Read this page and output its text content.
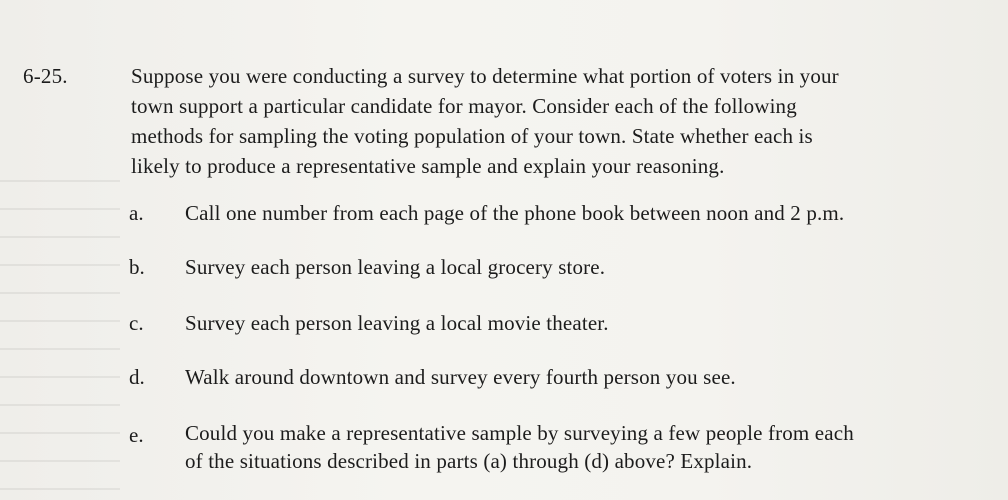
6-25.	Suppose you were conducting a survey to determine what portion of voters in your
town support a particular candidate for mayor. Consider each of the following
methods for sampling the voting population of your town. State whether each is
likely to produce a representative sample and explain your reasoning.
a. Call one number from each page of the phone book between noon and 2 p.m.
b. Survey each person leaving a local grocery store.
c. Survey each person leaving a local movie theater.
d. Walk around downtown and survey every fourth person you see.
e. Could you make a representative sample by surveying a few people from each
of the situations described in parts (a) through (d) above? Explain.
